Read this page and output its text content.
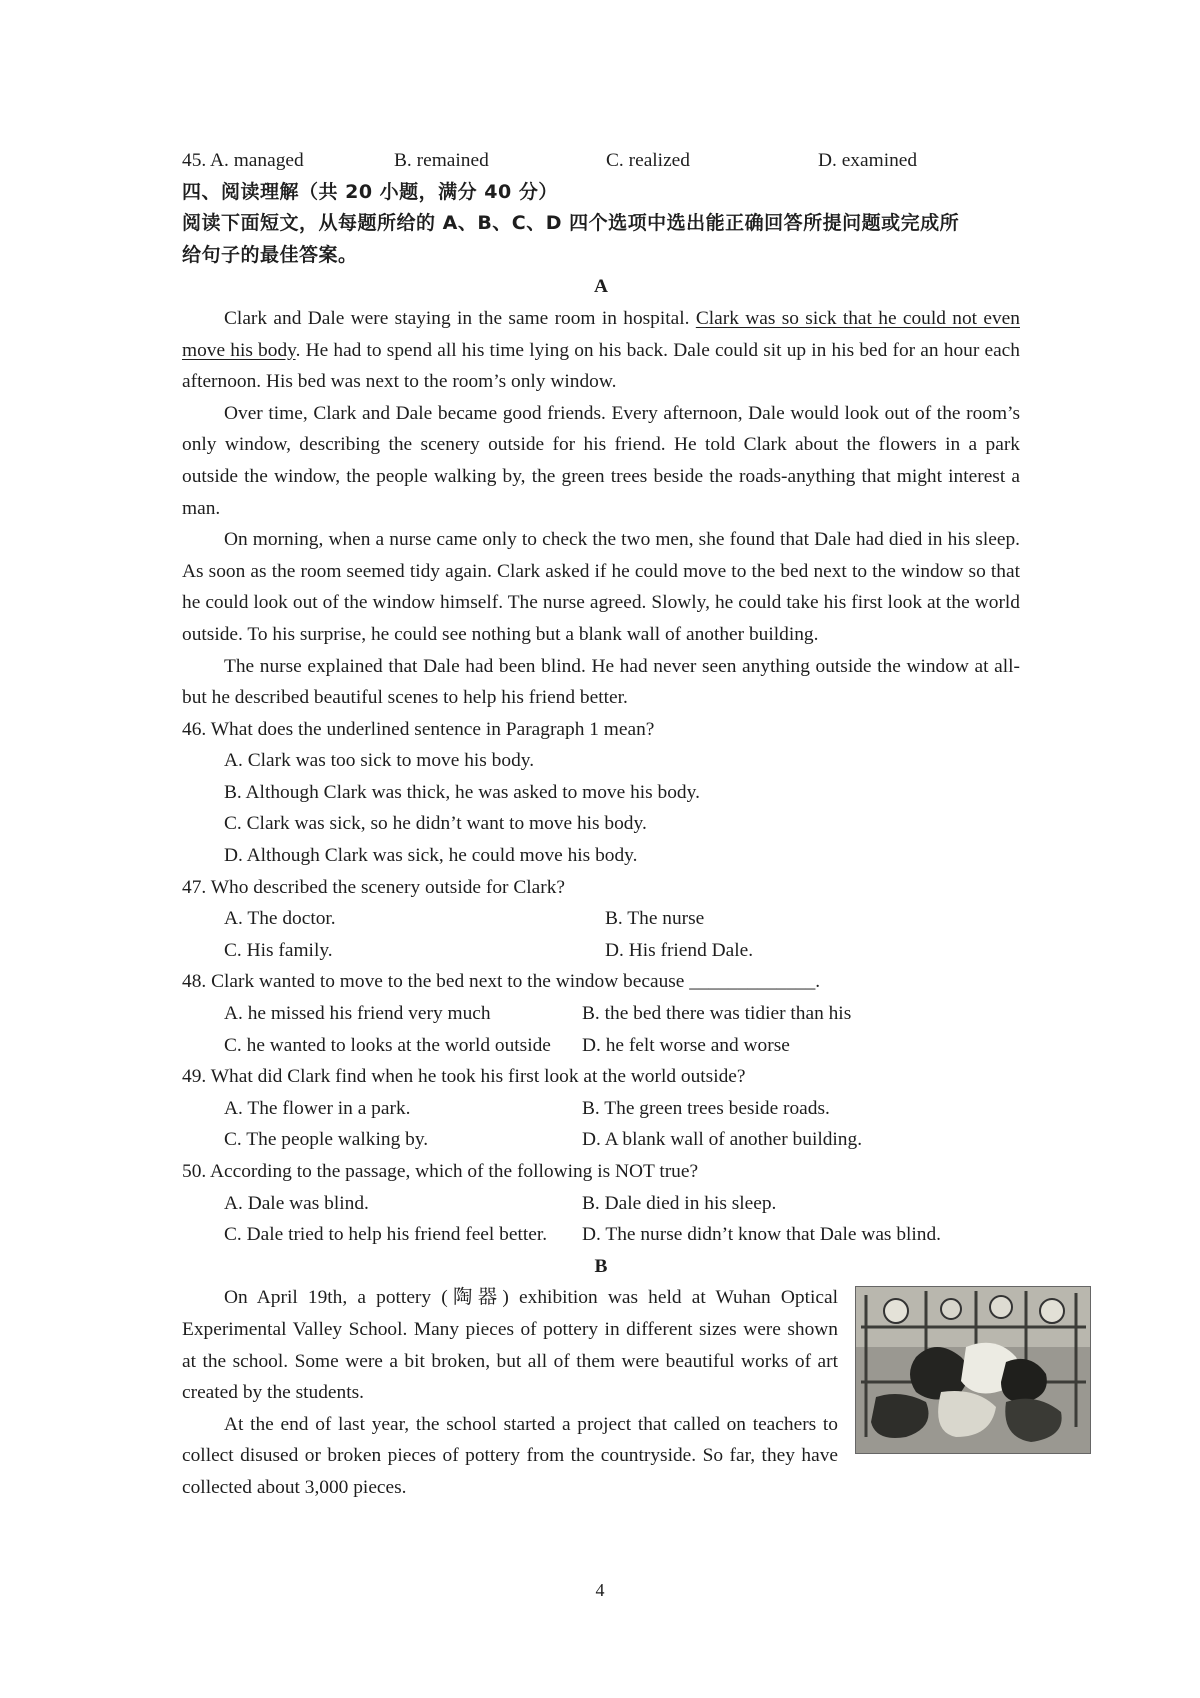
45. A. managed	B. remained	C. realized	D. examined
四、阅读理解（共 20 小题，满分 40 分）
阅读下面短文，从每题所给的 A、B、C、D 四个选项中选出能正确回答所提问题或完成所
给句子的最佳答案。
A

Clark and Dale were staying in the same room in hospital. Clark was so sick that he could not even move his body. He had to spend all his time lying on his back. Dale could sit up in his bed for an hour each afternoon. His bed was next to the room’s only window.

Over time, Clark and Dale became good friends. Every afternoon, Dale would look out of the room’s only window, describing the scenery outside for his friend. He told Clark about the flowers in a park outside the window, the people walking by, the green trees beside the roads-anything that might interest a man.

On morning, when a nurse came only to check the two men, she found that Dale had died in his sleep. As soon as the room seemed tidy again. Clark asked if he could move to the bed next to the window so that he could look out of the window himself. The nurse agreed. Slowly, he could take his first look at the world outside. To his surprise, he could see nothing but a blank wall of another building.

The nurse explained that Dale had been blind. He had never seen anything outside the window at all-but he described beautiful scenes to help his friend better.

46. What does the underlined sentence in Paragraph 1 mean?
A. Clark was too sick to move his body.
B. Although Clark was thick, he was asked to move his body.
C. Clark was sick, so he didn’t want to move his body.
D. Although Clark was sick, he could move his body.
47. Who described the scenery outside for Clark?
A. The doctor.	B. The nurse
C. His family.	D. His friend Dale.
48. Clark wanted to move to the bed next to the window because _____________.
A. he missed his friend very much	B. the bed there was tidier than his
C. he wanted to looks at the world outside	D. he felt worse and worse
49. What did Clark find when he took his first look at the world outside?
A. The flower in a park.	B. The green trees beside roads.
C. The people walking by.	D. A blank wall of another building.
50. According to the passage, which of the following is NOT true?
A. Dale was blind.	B. Dale died in his sleep.
C. Dale tried to help his friend feel better.	D. The nurse didn’t know that Dale was blind.
B

On April 19th, a pottery (陶器) exhibition was held at Wuhan Optical Experimental Valley School. Many pieces of pottery in different sizes were shown at the school. Some were a bit broken, but all of them were beautiful works of art created by the students.

At the end of last year, the school started a project that called on teachers to collect disused or broken pieces of pottery from the countryside. So far, they have collected about 3,000 pieces.

4
